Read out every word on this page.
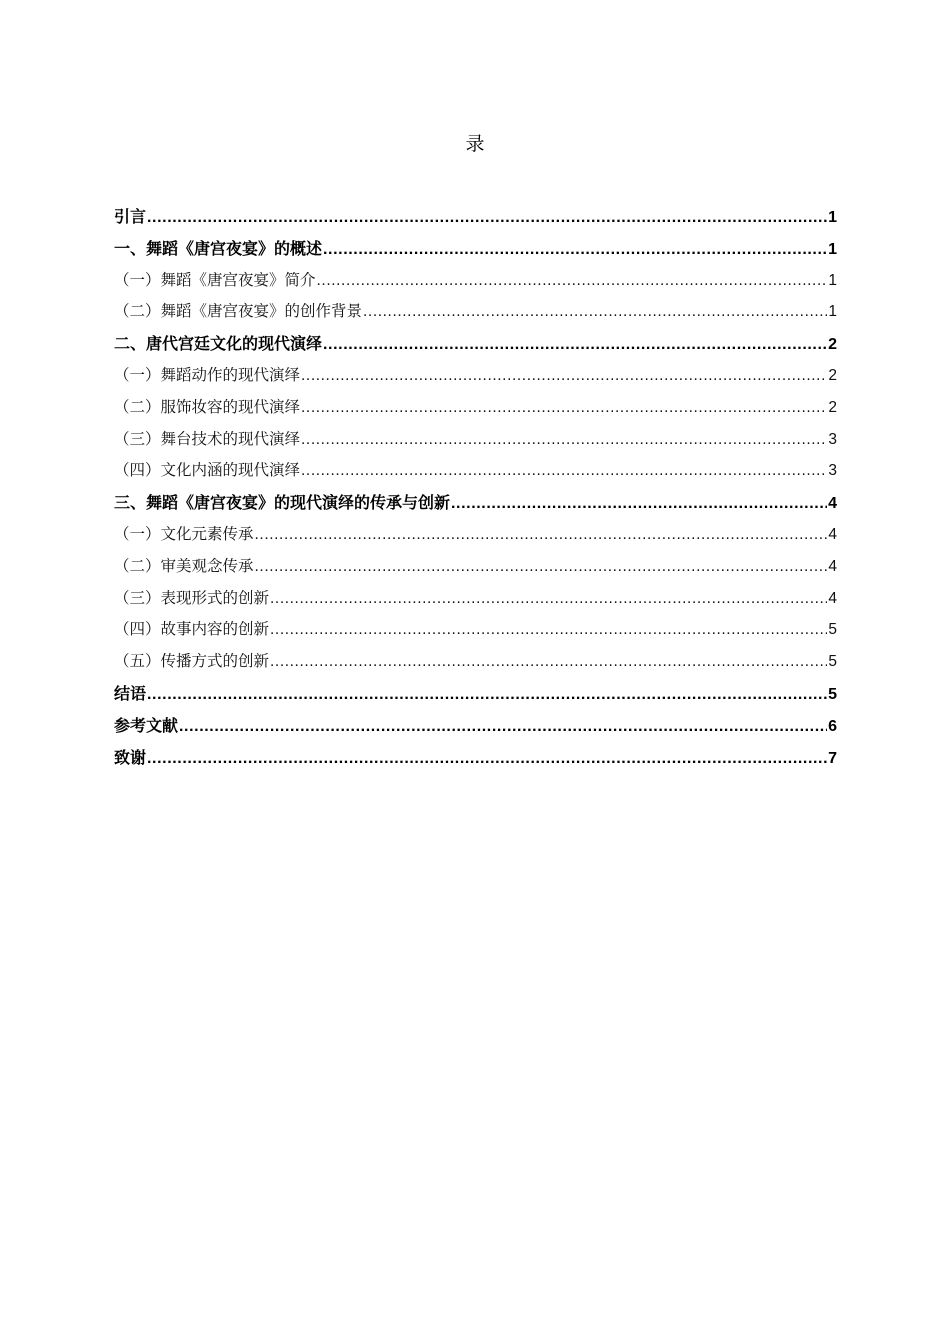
录
引言 .....	1
一、舞蹈《唐宫夜宴》的概述 .....	1
（一）舞蹈《唐宫夜宴》简介 .....	1
（二）舞蹈《唐宫夜宴》的创作背景 .....	1
二、唐代宫廷文化的现代演绎 .....	2
（一）舞蹈动作的现代演绎 .....	2
（二）服饰妆容的现代演绎 .....	2
（三）舞台技术的现代演绎 .....	3
（四）文化内涵的现代演绎 .....	3
三、舞蹈《唐宫夜宴》的现代演绎的传承与创新 .....	4
（一）文化元素传承 .....	4
（二）审美观念传承 .....	4
（三）表现形式的创新 .....	4
（四）故事内容的创新 .....	5
（五）传播方式的创新 .....	5
结语 .....	5
参考文献 .....	6
致谢 .....	7
